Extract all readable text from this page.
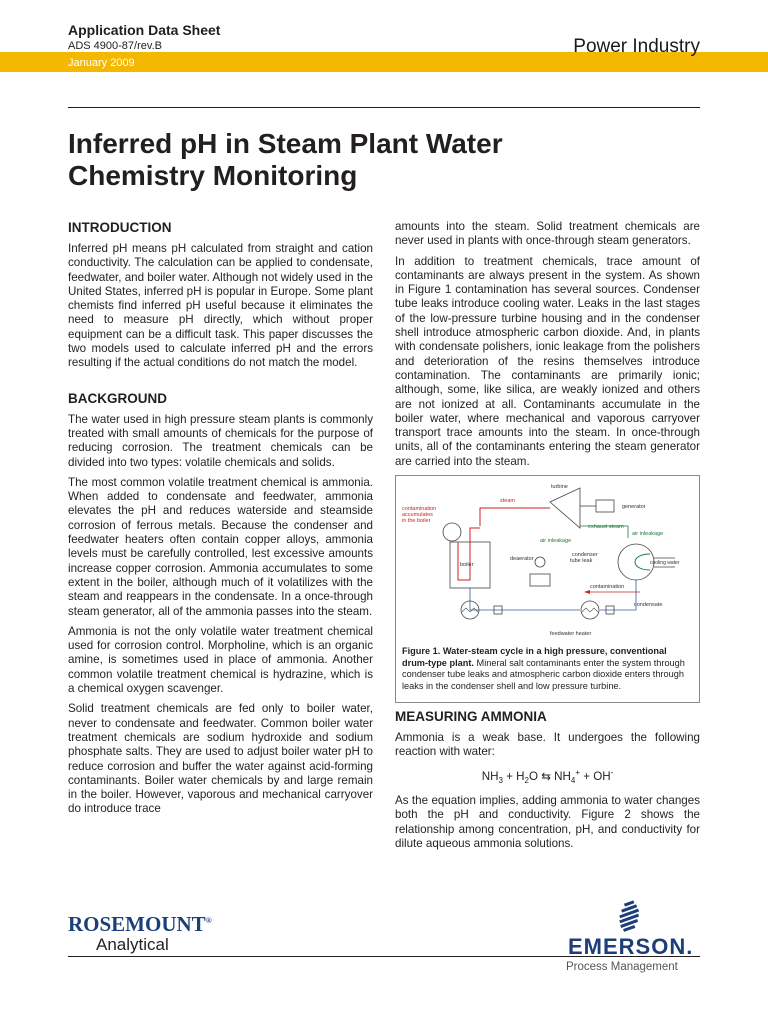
Application Data Sheet
ADS 4900-87/rev.B
January 2009
Power Industry
Inferred pH in Steam Plant Water
Chemistry Monitoring
INTRODUCTION

Inferred pH means pH calculated from straight and cation conductivity. The calculation can be applied to condensate, feedwater, and boiler water. Although not widely used in the United States, inferred pH is popular in Europe. Some plant chemists find inferred pH useful because it eliminates the need to measure pH directly, which without proper equipment can be a difficult task. This paper discusses the two models used to calculate inferred pH and the errors resulting if the actual conditions do not match the model.

BACKGROUND

The water used in high pressure steam plants is commonly treated with small amounts of chemicals for the purpose of reducing corrosion. The treatment chemicals can be divided into two types: volatile chemicals and solids.

The most common volatile treatment chemical is ammonia. When added to condensate and feedwater, ammonia elevates the pH and reduces waterside and steamside corrosion of ferrous metals. Because the condenser and feedwater heaters often contain copper alloys, ammonia levels must be carefully controlled, lest excessive amounts increase copper corrosion. Ammonia accumulates to some extent in the boiler, although much of it volatilizes with the steam and reappears in the condensate. In a once-through steam generator, all of the ammonia passes into the steam.

Ammonia is not the only volatile water treatment chemical used for corrosion control. Morpholine, which is an organic amine, is sometimes used in place of ammonia. Another common volatile treatment chemical is hydrazine, which is a chemical oxygen scavenger.

Solid treatment chemicals are fed only to boiler water, never to condensate and feedwater. Common boiler water treatment chemicals are sodium hydroxide and sodium phosphate salts. They are used to adjust boiler water pH to reduce corrosion and buffer the water against acid-forming contaminants. Boiler water chemicals by and large remain in the boiler. However, vaporous and mechanical carryover do introduce trace

amounts into the steam. Solid treatment chemicals are never used in plants with once-through steam generators.

In addition to treatment chemicals, trace amount of contaminants are always present in the system. As shown in Figure 1 contamination has several sources. Condenser tube leaks introduce cooling water. Leaks in the last stages of the low-pressure turbine housing and in the condenser shell introduce atmospheric carbon dioxide. And, in plants with condensate polishers, ionic leakage from the polishers and deterioration of the resins themselves introduce contamination. The contaminants are primarily ionic; although, some, like silica, are weakly ionized and others are not ionized at all. Contaminants accumulate in the boiler water, where mechanical and vaporous carryover transport trace amounts into the steam. In once-through units, all of the contaminants entering the steam generator are carried into the steam.

turbine
generator
steam
contamination accumulates in the boiler
boiler
exhaust steam
air inleakage
air inleakage
cooling water
condenser tube leak
deaerator
contamination
condensate
feedwater heater
Figure 1. Water-steam cycle in a high pressure, conventional drum-type plant. Mineral salt contaminants enter the system through condenser tube leaks and atmospheric carbon dioxide enters through leaks in the condenser shell and low pressure turbine.
MEASURING AMMONIA

Ammonia is a weak base. It undergoes the following reaction with water:

$NH_3 + H_2O$ ⇆ $NH_4^+ + OH^-$

As the equation implies, adding ammonia to water changes both the pH and conductivity. Figure 2 shows the relationship among concentration, pH, and conductivity for dilute aqueous ammonia solutions.

ROSEMOUNT®
Analytical	EMERSON.
Process Management
